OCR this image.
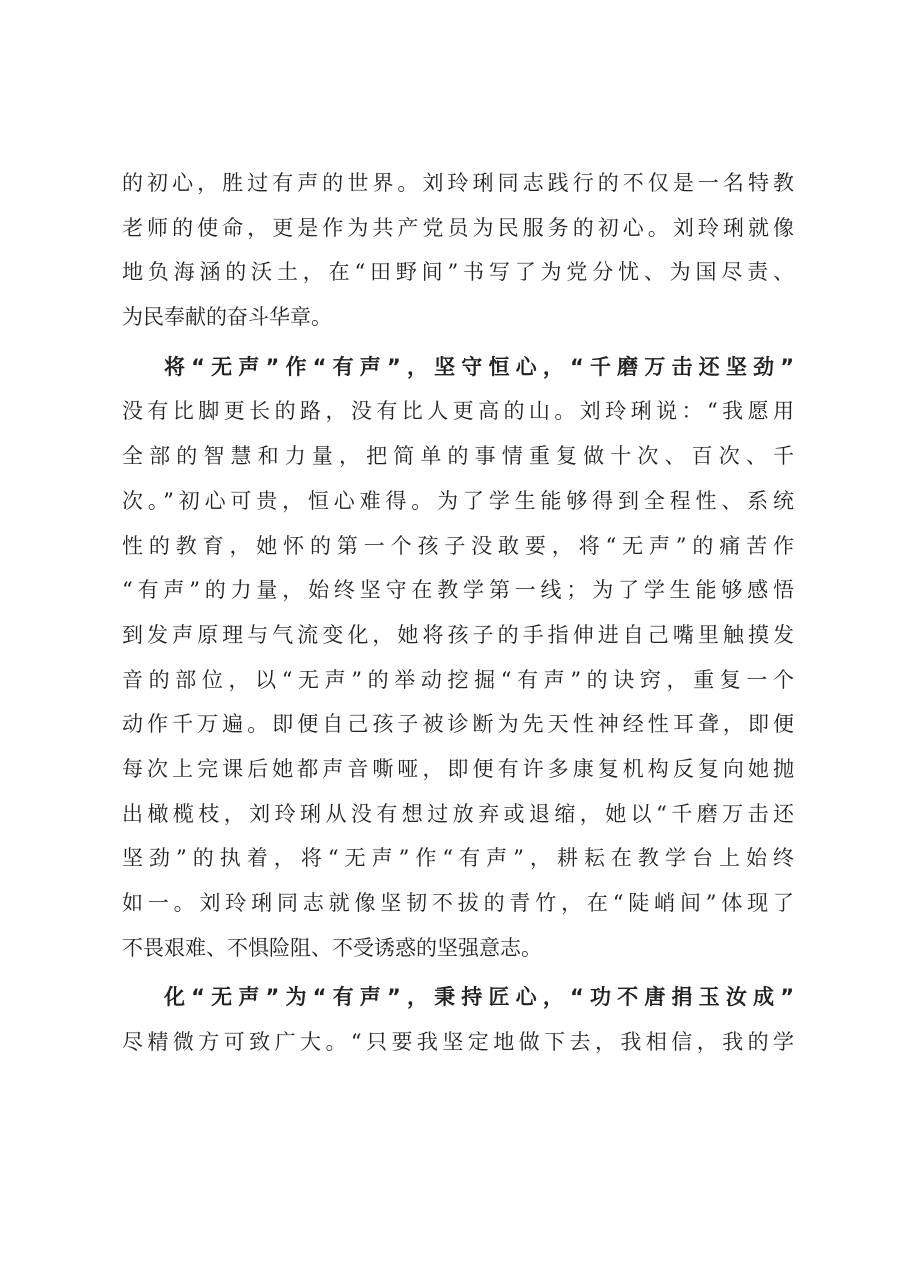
的初心，胜过有声的世界。刘玲琍同志践行的不仅是一名特教
老师的使命，更是作为共产党员为民服务的初心。刘玲琍就像
地负海涵的沃土，在“田野间”书写了为党分忧、为国尽责、
为民奉献的奋斗华章。
将“无声”作“有声”，坚守恒心，“千磨万击还坚劲”
没有比脚更长的路，没有比人更高的山。刘玲琍说：“我愿用
全部的智慧和力量，把简单的事情重复做十次、百次、千
次。”初心可贵，恒心难得。为了学生能够得到全程性、系统
性的教育，她怀的第一个孩子没敢要，将“无声”的痛苦作
“有声”的力量，始终坚守在教学第一线；为了学生能够感悟
到发声原理与气流变化，她将孩子的手指伸进自己嘴里触摸发
音的部位，以“无声”的举动挖掘“有声”的诀窍，重复一个
动作千万遍。即便自己孩子被诊断为先天性神经性耳聋，即便
每次上完课后她都声音嘶哑，即便有许多康复机构反复向她抛
出橄榄枝，刘玲琍从没有想过放弃或退缩，她以“千磨万击还
坚劲”的执着，将“无声”作“有声”，耕耘在教学台上始终
如一。刘玲琍同志就像坚韧不拔的青竹，在“陡峭间”体现了
不畏艰难、不惧险阻、不受诱惑的坚强意志。
化“无声”为“有声”，秉持匠心，“功不唐捐玉汝成”
尽精微方可致广大。“只要我坚定地做下去，我相信，我的学
